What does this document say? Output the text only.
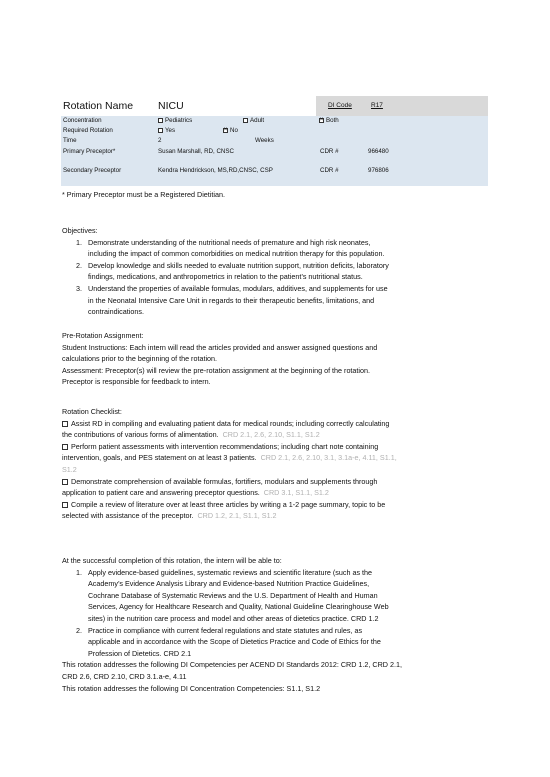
Rotation Name NICU	DI Code	R17
Concentration	Pediatrics	Adult ×	Both
Required Rotation	Yes ×	No
Time	2	Weeks
Primary Preceptor*	Susan Marshall, RD, CNSC	CDR #	966480
Secondary Preceptor	Kendra Hendrickson, MS,RD,CNSC, CSP	CDR #	976806
* Primary Preceptor must be a Registered Dietitian.
Objectives:
1. Demonstrate understanding of the nutritional needs of premature and high risk neonates,
including the impact of common comorbidities on medical nutrition therapy for this population.
2. Develop knowledge and skills needed to evaluate nutrition support, nutrition deficits, laboratory
findings, medications, and anthropometrics in relation to the patient’s nutritional status.
3. Understand the properties of available formulas, modulars, additives, and supplements for use
in the Neonatal Intensive Care Unit in regards to their therapeutic benefits, limitations, and
contraindications.
Pre-Rotation Assignment:
Student Instructions: Each intern will read the articles provided and answer assigned questions and
calculations prior to the beginning of the rotation.
Assessment: Preceptor(s) will review the pre-rotation assignment at the beginning of the rotation.
Preceptor is responsible for feedback to intern.
Rotation Checklist:
Assist RD in compiling and evaluating patient data for medical rounds; including correctly calculating
the contributions of various forms of alimentation. CRD 2.1, 2.6, 2.10, S1.1, S1.2
Perform patient assessments with intervention recommendations; including chart note containing
intervention, goals, and PES statement on at least 3 patients. CRD 2.1, 2.6, 2.10, 3.1, 3.1a-e, 4.11, S1.1,
S1.2
Demonstrate comprehension of available formulas, fortifiers, modulars and supplements through
application to patient care and answering preceptor questions. CRD 3.1, S1.1, S1.2
Compile a review of literature over at least three articles by writing a 1-2 page summary, topic to be
selected with assistance of the preceptor. CRD 1.2, 2.1, S1.1, S1.2
At the successful completion of this rotation, the intern will be able to:
1. Apply evidence-based guidelines, systematic reviews and scientific literature (such as the
Academy’s Evidence Analysis Library and Evidence-based Nutrition Practice Guidelines,
Cochrane Database of Systematic Reviews and the U.S. Department of Health and Human
Services, Agency for Healthcare Research and Quality, National Guideline Clearinghouse Web
sites) in the nutrition care process and model and other areas of dietetics practice. CRD 1.2
2. Practice in compliance with current federal regulations and state statutes and rules, as
applicable and in accordance with the Scope of Dietetics Practice and Code of Ethics for the
Profession of Dietetics. CRD 2.1
This rotation addresses the following DI Competencies per ACEND DI Standards 2012: CRD 1.2, CRD 2.1,
CRD 2.6, CRD 2.10, CRD 3.1.a-e, 4.11
This rotation addresses the following DI Concentration Competencies: S1.1, S1.2
